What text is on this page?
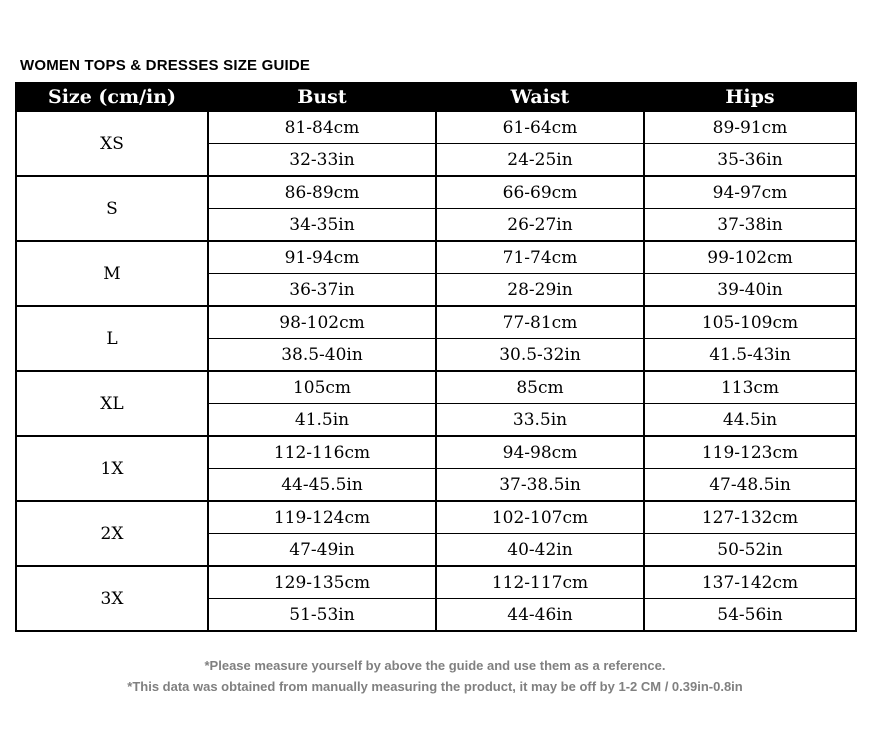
WOMEN TOPS & DRESSES SIZE GUIDE
Size (cm/in)	Bust	Waist	Hips
XS	81-84cm	61-64cm	89-91cm
	32-33in	24-25in	35-36in
S	86-89cm	66-69cm	94-97cm
	34-35in	26-27in	37-38in
M	91-94cm	71-74cm	99-102cm
	36-37in	28-29in	39-40in
L	98-102cm	77-81cm	105-109cm
	38.5-40in	30.5-32in	41.5-43in
XL	105cm	85cm	113cm
	41.5in	33.5in	44.5in
1X	112-116cm	94-98cm	119-123cm
	44-45.5in	37-38.5in	47-48.5in
2X	119-124cm	102-107cm	127-132cm
	47-49in	40-42in	50-52in
3X	129-135cm	112-117cm	137-142cm
	51-53in	44-46in	54-56in
*Please measure yourself by above the guide and use them as a reference.
*This data was obtained from manually measuring the product, it may be off by 1-2 CM / 0.39in-0.8in
